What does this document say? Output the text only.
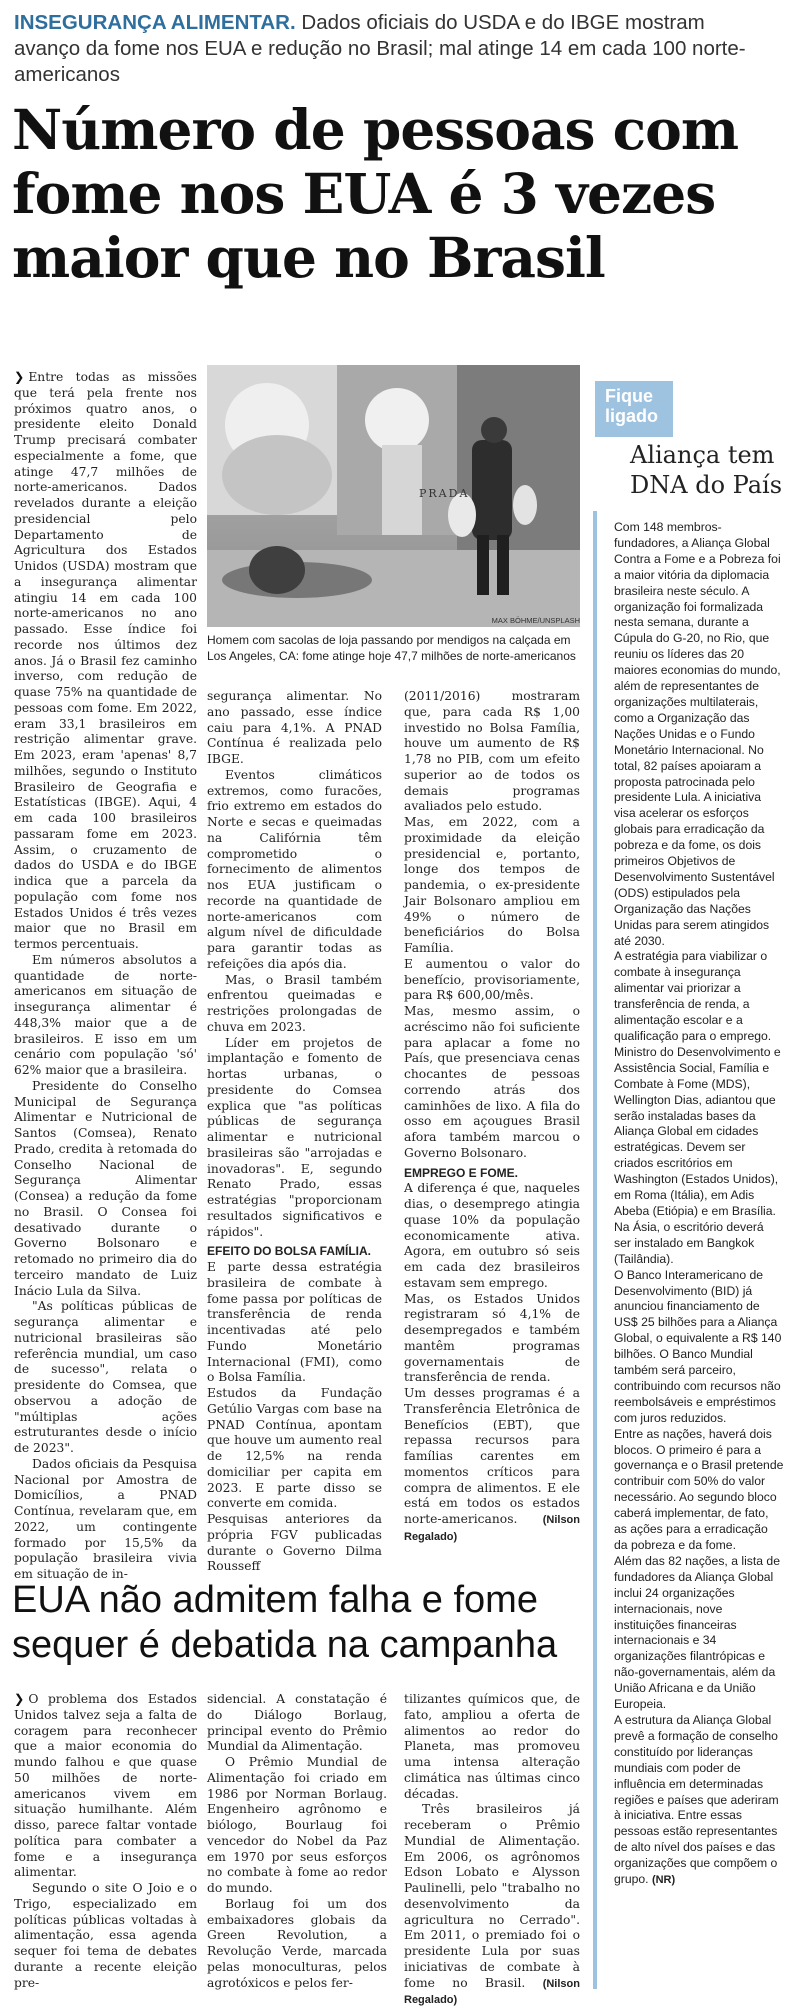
INSEGURANÇA ALIMENTAR. Dados oficiais do USDA e do IBGE mostram avanço da fome nos EUA e redução no Brasil; mal atinge 14 em cada 100 norte-americanos
Número de pessoas com fome nos EUA é 3 vezes maior que no Brasil

❯ Entre todas as missões que terá pela frente nos próximos quatro anos, o presidente eleito Donald Trump precisará combater especialmente a fome, que atinge 47,7 milhões de norte-americanos. Dados revelados durante a eleição presidencial pelo Departamento de Agricultura dos Estados Unidos (USDA) mostram que a insegurança alimentar atingiu 14 em cada 100 norte-americanos no ano passado. Esse índice foi recorde nos últimos dez anos. Já o Brasil fez caminho inverso, com redução de quase 75% na quantidade de pessoas com fome. Em 2022, eram 33,1 brasileiros em restrição alimentar grave. Em 2023, eram 'apenas' 8,7 milhões, segundo o Instituto Brasileiro de Geografia e Estatísticas (IBGE). Aqui, 4 em cada 100 brasileiros passaram fome em 2023. Assim, o cruzamento de dados do USDA e do IBGE indica que a parcela da população com fome nos Estados Unidos é três vezes maior que no Brasil em termos percentuais.

Em números absolutos a quantidade de norte-americanos em situação de insegurança alimentar é 448,3% maior que a de brasileiros. E isso em um cenário com população 'só' 62% maior que a brasileira.

Presidente do Conselho Municipal de Segurança Alimentar e Nutricional de Santos (Comsea), Renato Prado, credita à retomada do Conselho Nacional de Segurança Alimentar (Consea) a redução da fome no Brasil. O Consea foi desativado durante o Governo Bolsonaro e retomado no primeiro dia do terceiro mandato de Luiz Inácio Lula da Silva.

"As políticas públicas de segurança alimentar e nutricional brasileiras são referência mundial, um caso de sucesso", relata o presidente do Comsea, que observou a adoção de "múltiplas ações estruturantes desde o início de 2023".

Dados oficiais da Pesquisa Nacional por Amostra de Domicílios, a PNAD Contínua, revelaram que, em 2022, um contingente formado por 15,5% da população brasileira vivia em situação de in-

PRADA
MAX BÖHME/UNSPLASH
Homem com sacolas de loja passando por mendigos na calçada em Los Angeles, CA: fome atinge hoje 47,7 milhões de norte-americanos

segurança alimentar. No ano passado, esse índice caiu para 4,1%. A PNAD Contínua é realizada pelo IBGE.

Eventos climáticos extremos, como furacões, frio extremo em estados do Norte e secas e queimadas na Califórnia têm comprometido o fornecimento de alimentos nos EUA justificam o recorde na quantidade de norte-americanos com algum nível de dificuldade para garantir todas as refeições dia após dia.

Mas, o Brasil também enfrentou queimadas e restrições prolongadas de chuva em 2023.

Líder em projetos de implantação e fomento de hortas urbanas, o presidente do Comsea explica que "as políticas públicas de segurança alimentar e nutricional brasileiras são "arrojadas e inovadoras". E, segundo Renato Prado, essas estratégias "proporcionam resultados significativos e rápidos".

EFEITO DO BOLSA FAMÍLIA.

E parte dessa estratégia brasileira de combate à fome passa por políticas de transferência de renda incentivadas até pelo Fundo Monetário Internacional (FMI), como o Bolsa Família.

Estudos da Fundação Getúlio Vargas com base na PNAD Contínua, apontam que houve um aumento real de 12,5% na renda domiciliar per capita em 2023. E parte disso se converte em comida.

Pesquisas anteriores da própria FGV publicadas durante o Governo Dilma Rousseff

(2011/2016) mostraram que, para cada R$ 1,00 investido no Bolsa Família, houve um aumento de R$ 1,78 no PIB, com um efeito superior ao de todos os demais programas avaliados pelo estudo.

Mas, em 2022, com a proximidade da eleição presidencial e, portanto, longe dos tempos de pandemia, o ex-presidente Jair Bolsonaro ampliou em 49% o número de beneficiários do Bolsa Família.

E aumentou o valor do benefício, provisoriamente, para R$ 600,00/mês.

Mas, mesmo assim, o acréscimo não foi suficiente para aplacar a fome no País, que presenciava cenas chocantes de pessoas correndo atrás dos caminhões de lixo. A fila do osso em açougues Brasil afora também marcou o Governo Bolsonaro.

EMPREGO E FOME.

A diferença é que, naqueles dias, o desemprego atingia quase 10% da população economicamente ativa. Agora, em outubro só seis em cada dez brasileiros estavam sem emprego.

Mas, os Estados Unidos registraram só 4,1% de desempregados e também mantêm programas governamentais de transferência de renda.

Um desses programas é a Transferência Eletrônica de Benefícios (EBT), que repassa recursos para famílias carentes em momentos críticos para compra de alimentos. E ele está em todos os estados norte-americanos. (Nilson Regalado)

Fique ligado
Aliança tem DNA do País

Com 148 membros-fundadores, a Aliança Global Contra a Fome e a Pobreza foi a maior vitória da diplomacia brasileira neste século. A organização foi formalizada nesta semana, durante a Cúpula do G-20, no Rio, que reuniu os líderes das 20 maiores economias do mundo, além de representantes de organizações multilaterais, como a Organização das Nações Unidas e o Fundo Monetário Internacional. No total, 82 países apoiaram a proposta patrocinada pelo presidente Lula. A iniciativa visa acelerar os esforços globais para erradicação da pobreza e da fome, os dois primeiros Objetivos de Desenvolvimento Sustentável (ODS) estipulados pela Organização das Nações Unidas para serem atingidos até 2030.

A estratégia para viabilizar o combate à insegurança alimentar vai priorizar a transferência de renda, a alimentação escolar e a qualificação para o emprego. Ministro do Desenvolvimento e Assistência Social, Família e Combate à Fome (MDS), Wellington Dias, adiantou que serão instaladas bases da Aliança Global em cidades estratégicas. Devem ser criados escritórios em Washington (Estados Unidos), em Roma (Itália), em Adis Abeba (Etiópia) e em Brasília. Na Ásia, o escritório deverá ser instalado em Bangkok (Tailândia).

O Banco Interamericano de Desenvolvimento (BID) já anunciou financiamento de US$ 25 bilhões para a Aliança Global, o equivalente a R$ 140 bilhões. O Banco Mundial também será parceiro, contribuindo com recursos não reembolsáveis e empréstimos com juros reduzidos.

Entre as nações, haverá dois blocos. O primeiro é para a governança e o Brasil pretende contribuir com 50% do valor necessário. Ao segundo bloco caberá implementar, de fato, as ações para a erradicação da pobreza e da fome.

Além das 82 nações, a lista de fundadores da Aliança Global inclui 24 organizações internacionais, nove instituições financeiras internacionais e 34 organizações filantrópicas e não-governamentais, além da União Africana e da União Europeia.

A estrutura da Aliança Global prevê a formação de conselho constituído por lideranças mundiais com poder de influência em determinadas regiões e países que aderiram à iniciativa. Entre essas pessoas estão representantes de alto nível dos países e das organizações que compõem o grupo. (NR)

EUA não admitem falha e fome sequer é debatida na campanha

❯ O problema dos Estados Unidos talvez seja a falta de coragem para reconhecer que a maior economia do mundo falhou e que quase 50 milhões de norte-americanos vivem em situação humilhante. Além disso, parece faltar vontade política para combater a fome e a insegurança alimentar.

Segundo o site O Joio e o Trigo, especializado em políticas públicas voltadas à alimentação, essa agenda sequer foi tema de debates durante a recente eleição pre-

sidencial. A constatação é do Diálogo Borlaug, principal evento do Prêmio Mundial da Alimentação.

O Prêmio Mundial de Alimentação foi criado em 1986 por Norman Borlaug. Engenheiro agrônomo e biólogo, Bourlaug foi vencedor do Nobel da Paz em 1970 por seus esforços no combate à fome ao redor do mundo.

Borlaug foi um dos embaixadores globais da Green Revolution, a Revolução Verde, marcada pelas monoculturas, pelos agrotóxicos e pelos fer-

tilizantes químicos que, de fato, ampliou a oferta de alimentos ao redor do Planeta, mas promoveu uma intensa alteração climática nas últimas cinco décadas.

Três brasileiros já receberam o Prêmio Mundial de Alimentação. Em 2006, os agrônomos Edson Lobato e Alysson Paulinelli, pelo "trabalho no desenvolvimento da agricultura no Cerrado". Em 2011, o premiado foi o presidente Lula por suas iniciativas de combate à fome no Brasil. (Nilson Regalado)
